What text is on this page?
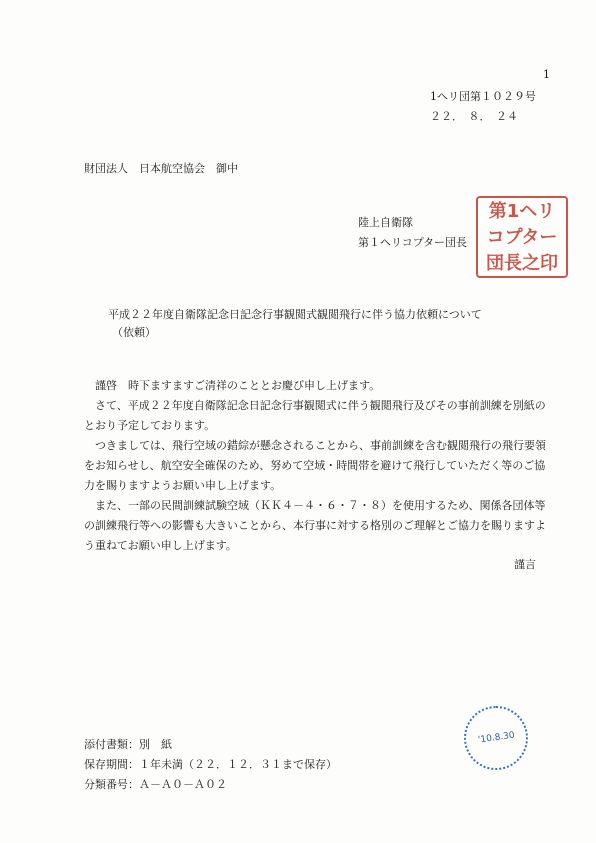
1
1ヘリ団第１０２９号
２２．　８．　２４
財団法人　日本航空協会　御中
陸上自衛隊
第１ヘリコプター団長
第1ヘリ
コプター
団長之印
平成２２年度自衛隊記念日記念行事観閲式観閲飛行に伴う協力依頼について
（依頼）

謹啓　時下ますますご清祥のこととお慶び申し上げます。

さて、平成２２年度自衛隊記念日記念行事観閲式に伴う観閲飛行及びその事前訓練を別紙のとおり予定しております。

つきましては、飛行空域の錯綜が懸念されることから、事前訓練を含む観閲飛行の飛行要領をお知らせし、航空安全確保のため、努めて空域・時間帯を避けて飛行していただく等のご協力を賜りますようお願い申し上げます。

また、一部の民間訓練試験空域（ＫＫ４－４・６・７・８）を使用するため、関係各団体等の訓練飛行等への影響も大きいことから、本行事に対する格別のご理解とご協力を賜りますよう重ねてお願い申し上げます。

謹言
'10.8.30
添付書類：別　紙
保存期間：１年未満（２２．１２．３１まで保存）
分類番号：Ａ－Ａ０－Ａ０２
